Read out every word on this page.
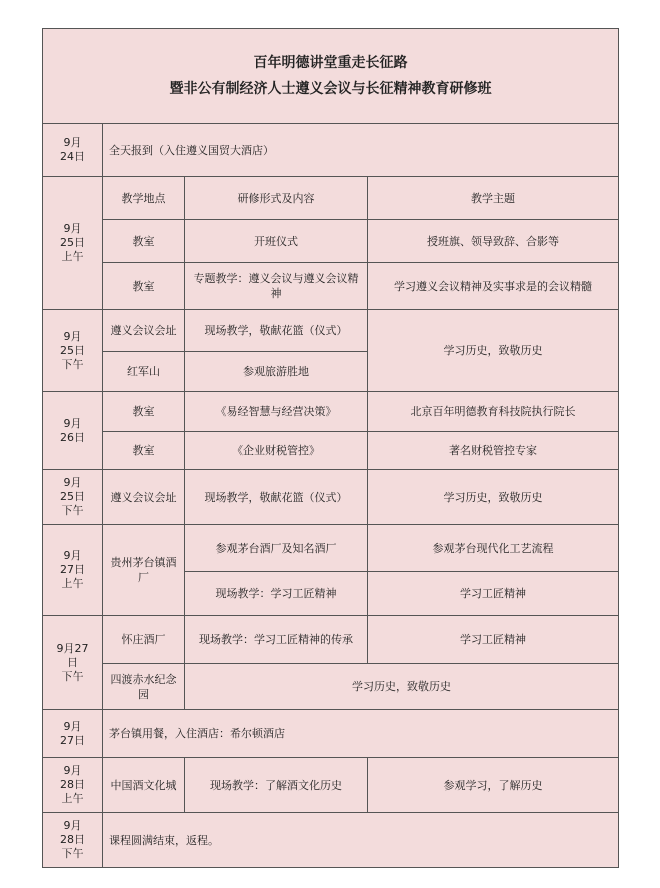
百年明德讲堂重走长征路
暨非公有制经济人士遵义会议与长征精神教育研修班			

9月
24日	全天报到（入住遵义国贸大酒店）		
9月
25日
上午	教学地点	研修形式及内容	教学主题
	教室	开班仪式	授班旗、领导致辞、合影等
	教室	专题教学：遵义会议与遵义会议精神	学习遵义会议精神及实事求是的会议精髓
9月
25日
下午	遵义会议会址	现场教学，敬献花篮（仪式）	学习历史，致敬历史
	红军山	参观旅游胜地	
9月
26日	教室	《易经智慧与经营决策》	北京百年明德教育科技院执行院长
	教室	《企业财税管控》	著名财税管控专家
9月
25日
下午	遵义会议会址	现场教学，敬献花篮（仪式）	学习历史，致敬历史
9月
27日
上午	贵州茅台镇酒厂	参观茅台酒厂及知名酒厂	参观茅台现代化工艺流程
		现场教学：学习工匠精神	学习工匠精神
9月27
日
下午	怀庄酒厂	现场教学：学习工匠精神的传承	学习工匠精神
	四渡赤水纪念园	学习历史，致敬历史	
9月
27日	茅台镇用餐，入住酒店：希尔顿酒店		
9月
28日
上午	中国酒文化城	现场教学：了解酒文化历史	参观学习，了解历史
9月
28日
下午	课程圆满结束，返程。		
